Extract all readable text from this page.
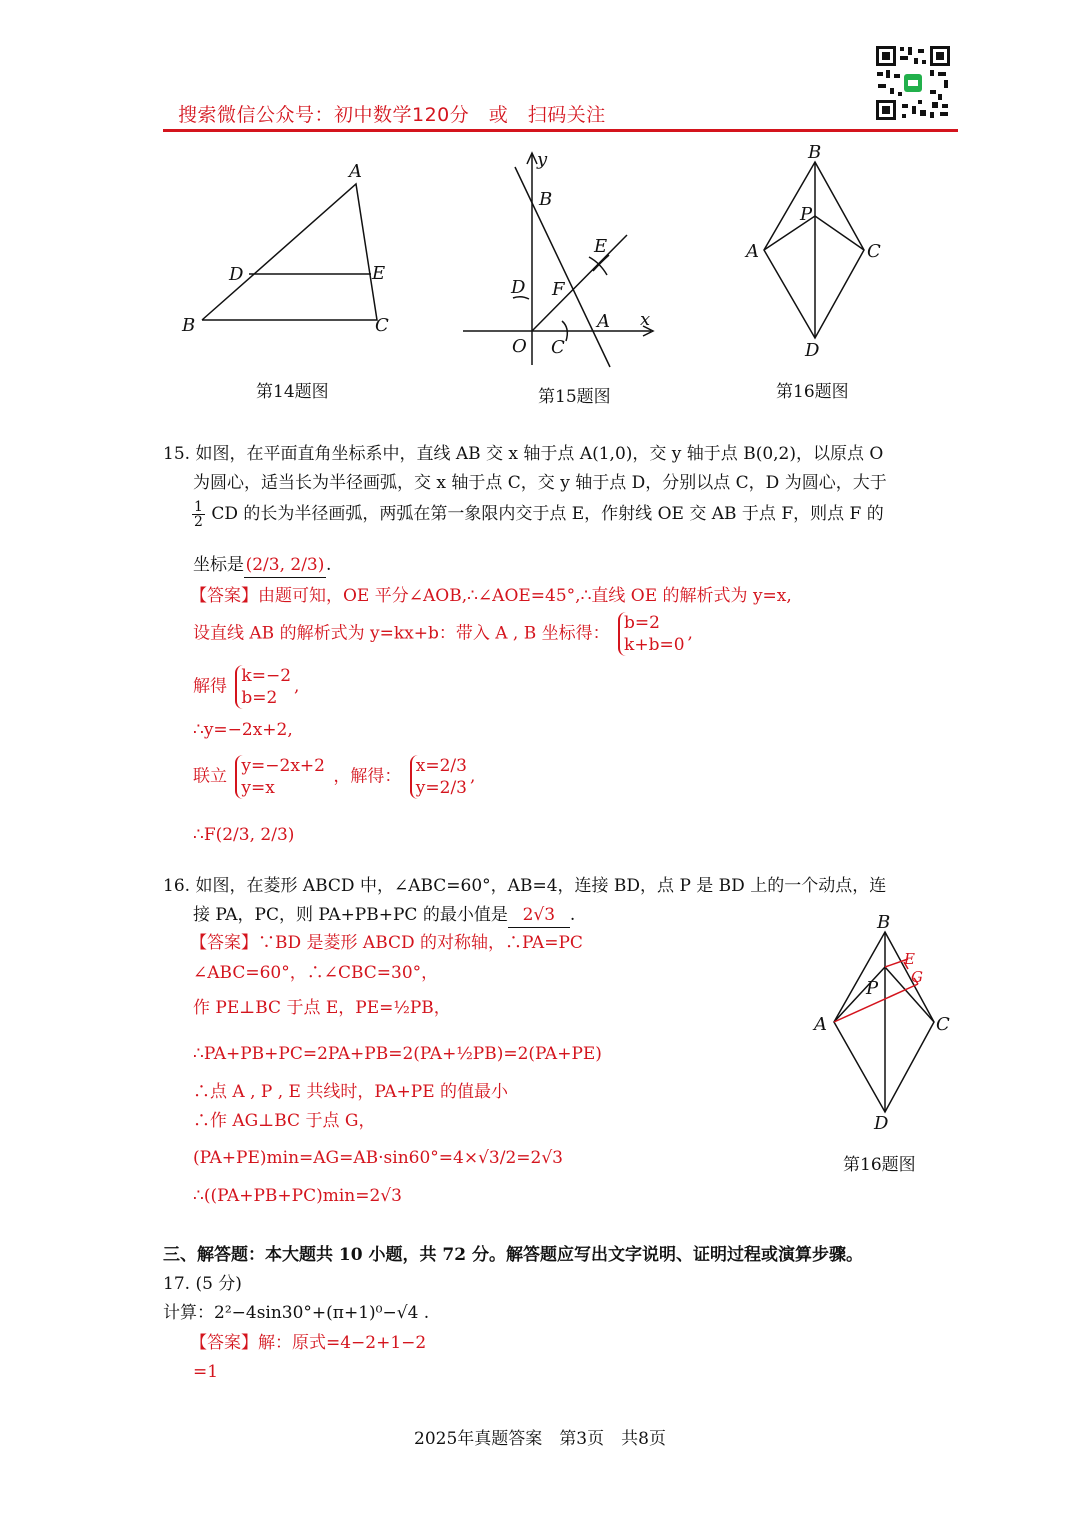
搜索微信公众号：初中数学120分　或　扫码关注
A
D	E
B	C
第14题图
y
B
E
D F
A x
O C
第15题图
B
P
A	C
D
第16题图
15. 如图，在平面直角坐标系中，直线 AB 交 x 轴于点 A(1,0)，交 y 轴于点 B(0,2)，以原点 O
为圆心，适当长为半径画弧，交 x 轴于点 C，交 y 轴于点 D，分别以点 C，D 为圆心，大于
$\frac{1}{2}$ CD 的长为半径画弧，两弧在第一象限内交于点 E，作射线 OE 交 AB 于点 F，则点 F 的
坐标是(2/3, 2/3).
【答案】由题可知，OE 平分∠AOB,∴∠AOE=45°,∴直线 OE 的解析式为 y=x,
设直线 AB 的解析式为 y=kx+b：带入 A , B 坐标得：
b=2
k+b=0
,
解得
k=−2
b=2
,
∴y=−2x+2,
联立
y=−2x+2
y=x
，解得：
x=2/3
y=2/3
,
∴F(2/3, 2/3)
16. 如图，在菱形 ABCD 中，∠ABC=60°，AB=4，连接 BD，点 P 是 BD 上的一个动点，连
接 PA，PC，则 PA+PB+PC 的最小值是 2√3 .
【答案】∵BD 是菱形 ABCD 的对称轴，∴PA=PC
∠ABC=60°，∴∠CBC=30°，
作 PE⊥BC 于点 E，PE=½PB，
∴PA+PB+PC=2PA+PB=2(PA+½PB)=2(PA+PE)
∴点 A , P , E 共线时，PA+PE 的值最小
∴作 AG⊥BC 于点 G，
(PA+PE)min=AG=AB·sin60°=4×√3/2=2√3
∴((PA+PB+PC)min=2√3
B
E
G
P
A	C
D
第16题图
三、解答题：本大题共 10 小题，共 72 分。解答题应写出文字说明、证明过程或演算步骤。
17. (5 分)
计算：2²−4sin30°+(π+1)⁰−√4 .
【答案】解：原式=4−2+1−2
=1
2025年真题答案　第3页　共8页
